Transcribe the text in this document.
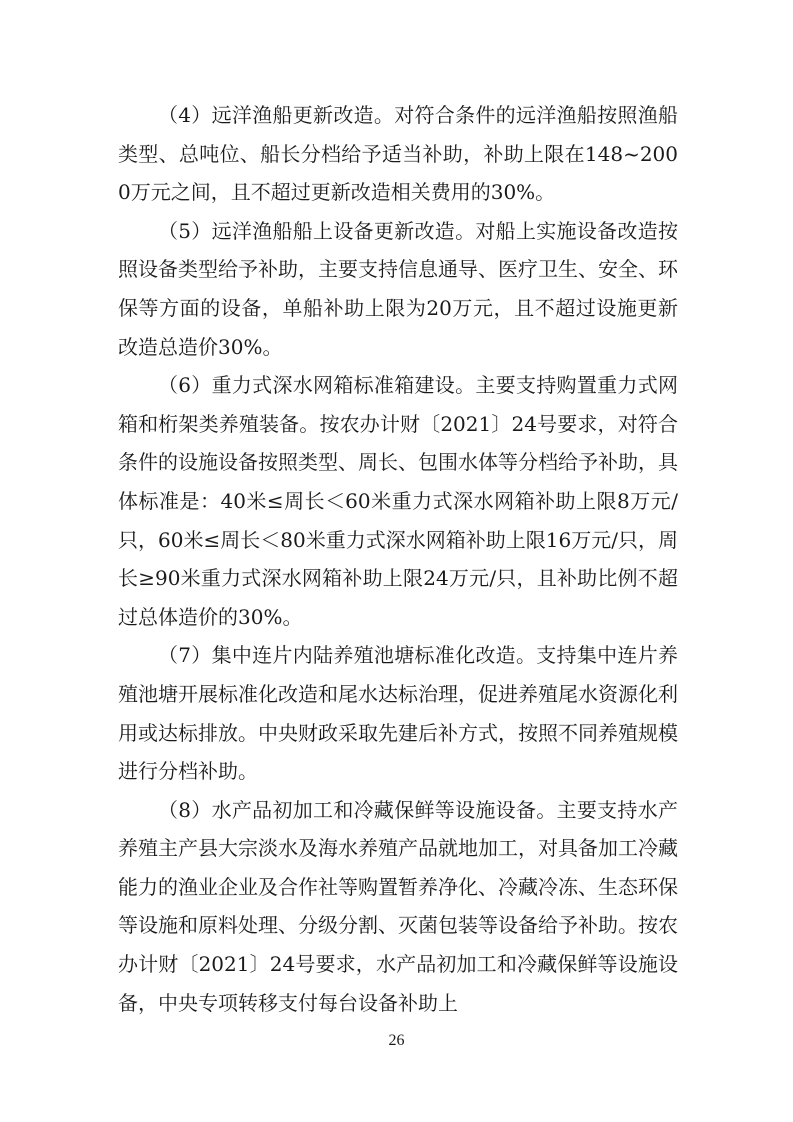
（4）远洋渔船更新改造。对符合条件的远洋渔船按照渔船类型、总吨位、船长分档给予适当补助，补助上限在148~2000万元之间，且不超过更新改造相关费用的30%。

（5）远洋渔船船上设备更新改造。对船上实施设备改造按照设备类型给予补助，主要支持信息通导、医疗卫生、安全、环保等方面的设备，单船补助上限为20万元，且不超过设施更新改造总造价30%。

（6）重力式深水网箱标准箱建设。主要支持购置重力式网箱和桁架类养殖装备。按农办计财〔2021〕24号要求，对符合条件的设施设备按照类型、周长、包围水体等分档给予补助，具体标准是：40米≤周长＜60米重力式深水网箱补助上限8万元/只，60米≤周长＜80米重力式深水网箱补助上限16万元/只，周长≥90米重力式深水网箱补助上限24万元/只，且补助比例不超过总体造价的30%。

（7）集中连片内陆养殖池塘标准化改造。支持集中连片养殖池塘开展标准化改造和尾水达标治理，促进养殖尾水资源化利用或达标排放。中央财政采取先建后补方式，按照不同养殖规模进行分档补助。

（8）水产品初加工和冷藏保鲜等设施设备。主要支持水产养殖主产县大宗淡水及海水养殖产品就地加工，对具备加工冷藏能力的渔业企业及合作社等购置暂养净化、冷藏冷冻、生态环保等设施和原料处理、分级分割、灭菌包装等设备给予补助。按农办计财〔2021〕24号要求，水产品初加工和冷藏保鲜等设施设备，中央专项转移支付每台设备补助上

26
